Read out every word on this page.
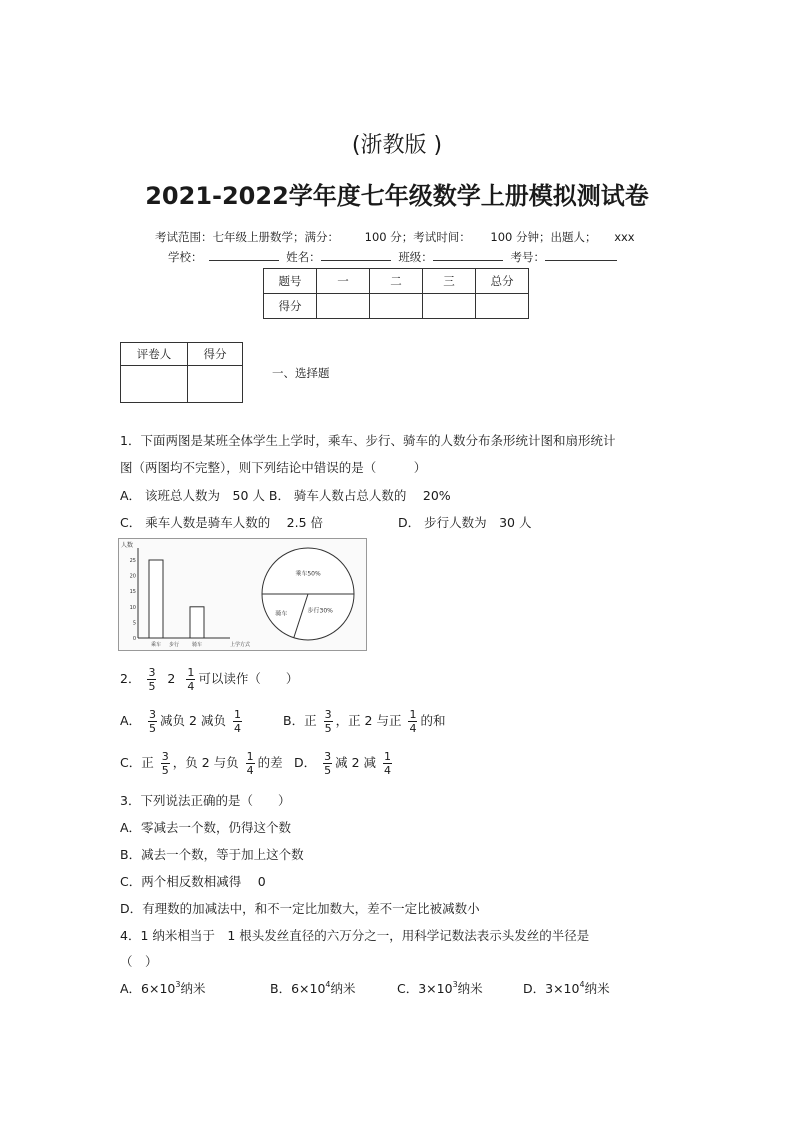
(浙教版 )
2021-2022学年度七年级数学上册模拟测试卷
考试范围：七年级上册数学；满分： 100 分；考试时间： 100 分钟；出题人； xxx
学校：	姓名：	班级：	考号：
题号	一	二	三	总分
得分				
评卷人	得分

一、选择题
1．下面两图是某班全体学生上学时，乘车、步行、骑车的人数分布条形统计图和扇形统计
图（两图均不完整），则下列结论中错误的是（　　　）
A． 该班总人数为　50 人 B． 骑车人数占总人数的　 20%
C． 乘车人数是骑车人数的　 2.5 倍	D． 步行人数为　30 人
人数
上学方式
25
20
15
10
5
0
乘车 步行	骑车
乘车50%
步行30%
骑车
2． $\frac{3}{5} 2 \frac{1}{4}$ 可以读作（　　）
A． $\frac{3}{5}$ 减负 2 减负 $\frac{1}{4}$	B．正 $\frac{3}{5}$ ，正 2 与正 $\frac{1}{4}$ 的和
C．正 $\frac{3}{5}$ ，负 2 与负 $\frac{1}{4}$ 的差 D． $\frac{3}{5}$ 减 2 减 $\frac{1}{4}$
3．下列说法正确的是（　　）
A．零减去一个数，仍得这个数
B．减去一个数，等于加上这个数
C．两个相反数相减得　 0
D．有理数的加减法中，和不一定比加数大，差不一定比被减数小
4．1 纳米相当于　1 根头发丝直径的六万分之一，用科学记数法表示头发丝的半径是
（　）
A．$6\times 10^3$纳米	B．$6\times 10^4$纳米	C．$3\times 10^3$纳米	D．$3\times 10^4$纳米
